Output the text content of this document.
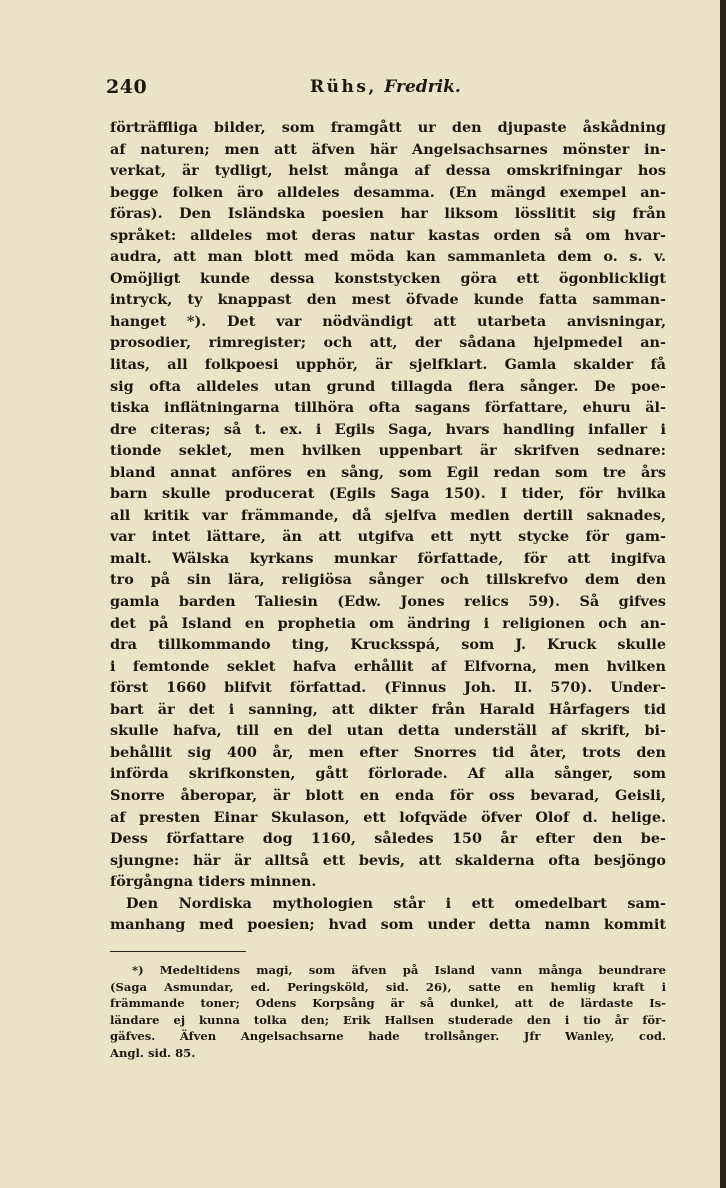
240	Rühs, Fredrik.
förträffliga bilder, som framgått ur den djupaste åskådning
af naturen; men att äfven här Angelsachsarnes mönster in-
verkat, är tydligt, helst många af dessa omskrifningar hos
begge folken äro alldeles desamma. (En mängd exempel an-
föras). Den Isländska poesien har liksom lösslitit sig från
språket: alldeles mot deras natur kastas orden så om hvar-
audra, att man blott med möda kan sammanleta dem o. s. v.
Omöjligt kunde dessa konststycken göra ett ögonblickligt
intryck, ty knappast den mest öfvade kunde fatta samman-
hanget *). Det var nödvändigt att utarbeta anvisningar,
prosodier, rimregister; och att, der sådana hjelpmedel an-
litas, all folkpoesi upphör, är sjelfklart. Gamla skalder få
sig ofta alldeles utan grund tillagda flera sånger. De poe-
tiska inflätningarna tillhöra ofta sagans författare, ehuru äl-
dre citeras; så t. ex. i Egils Saga, hvars handling infaller i
tionde seklet, men hvilken uppenbart är skrifven sednare:
bland annat anföres en sång, som Egil redan som tre års
barn skulle producerat (Egils Saga 150). I tider, för hvilka
all kritik var främmande, då sjelfva medlen dertill saknades,
var intet lättare, än att utgifva ett nytt stycke för gam-
malt. Wälska kyrkans munkar författade, för att ingifva
tro på sin lära, religiösa sånger och tillskrefvo dem den
gamla barden Taliesin (Edw. Jones relics 59). Så gifves
det på Island en prophetia om ändring i religionen och an-
dra tillkommando ting, Krucksspá, som J. Kruck skulle
i femtonde seklet hafva erhållit af Elfvorna, men hvilken
först 1660 blifvit författad. (Finnus Joh. II. 570). Under-
bart är det i sanning, att dikter från Harald Hårfagers tid
skulle hafva, till en del utan detta underställ af skrift, bi-
behållit sig 400 år, men efter Snorres tid åter, trots den
införda skrifkonsten, gått förlorade. Af alla sånger, som
Snorre åberopar, är blott en enda för oss bevarad, Geisli,
af presten Einar Skulason, ett lofqväde öfver Olof d. helige.
Dess författare dog 1160, således 150 år efter den be-
sjungne: här är alltså ett bevis, att skalderna ofta besjöngo
förgångna tiders minnen.
Den Nordiska mythologien står i ett omedelbart sam-
manhang med poesien; hvad som under detta namn kommit
*) Medeltidens magi, som äfven på Island vann många beundrare
(Saga Asmundar, ed. Peringsköld, sid. 26), satte en hemlig kraft i
främmande toner; Odens Korpsång är så dunkel, att de lärdaste Is-
ländare ej kunna tolka den; Erik Hallsen studerade den i tio år för-
gäfves. Äfven Angelsachsarne hade trollsånger. Jfr Wanley, cod.
Angl. sid. 85.
